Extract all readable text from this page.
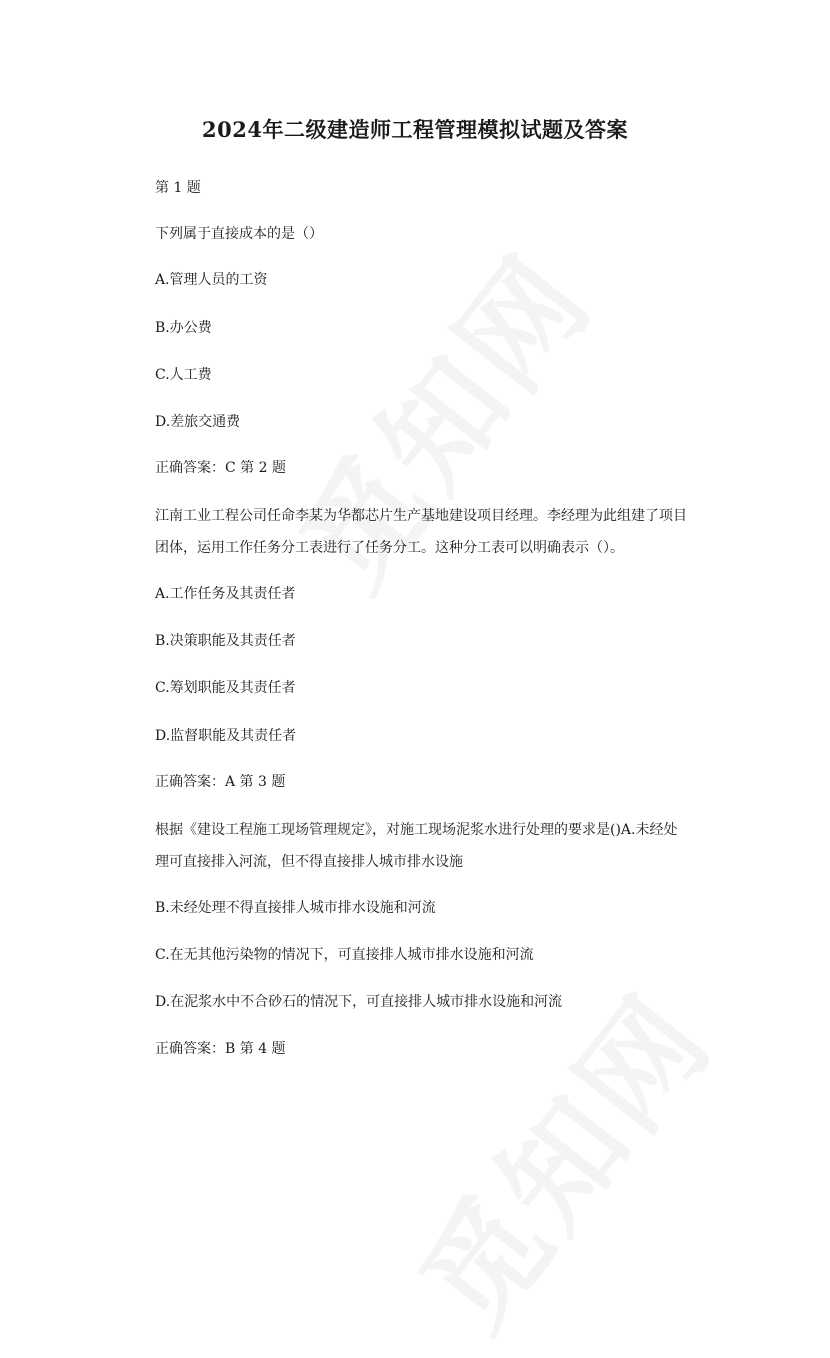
2024年二级建造师工程管理模拟试题及答案
第 1 题
下列属于直接成本的是（）
A.管理人员的工资
B.办公费
C.人工费
D.差旅交通费
正确答案：C 第 2 题
江南工业工程公司任命李某为华都芯片生产基地建设项目经理。李经理为此组建了项目
团体，运用工作任务分工表进行了任务分工。这种分工表可以明确表示（）。
A.工作任务及其责任者
B.决策职能及其责任者
C.筹划职能及其责任者
D.监督职能及其责任者
正确答案：A 第 3 题
根据《建设工程施工现场管理规定》，对施工现场泥浆水进行处理的要求是()A.未经处
理可直接排入河流，但不得直接排人城市排水设施
B.未经处理不得直接排人城市排水设施和河流
C.在无其他污染物的情况下，可直接排人城市排水设施和河流
D.在泥浆水中不合砂石的情况下，可直接排人城市排水设施和河流
正确答案：B 第 4 题
